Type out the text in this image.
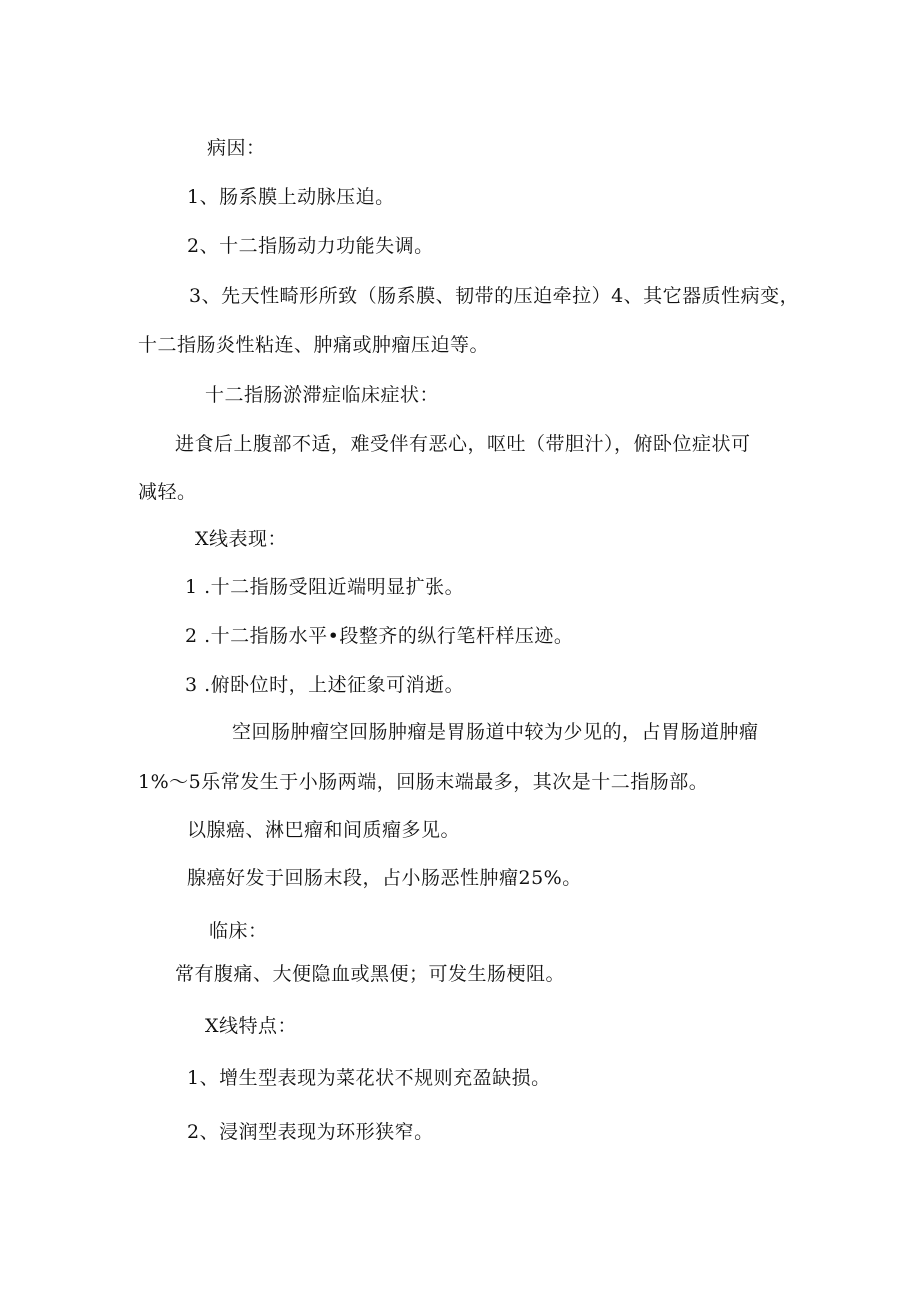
病因：
1、肠系膜上动脉压迫。
2、十二指肠动力功能失调。
3、先天性畸形所致（肠系膜、韧带的压迫牵拉）4、其它器质性病变，
十二指肠炎性粘连、肿痛或肿瘤压迫等。
十二指肠淤滞症临床症状：
进食后上腹部不适，难受伴有恶心，呕吐（带胆汁），俯卧位症状可
减轻。
X线表现：
1 .十二指肠受阻近端明显扩张。
2 .十二指肠水平•段整齐的纵行笔杆样压迹。
3 .俯卧位时，上述征象可消逝。
空回肠肿瘤空回肠肿瘤是胃肠道中较为少见的，占胃肠道肿瘤
1%〜5乐常发生于小肠两端，回肠末端最多，其次是十二指肠部。
以腺癌、淋巴瘤和间质瘤多见。
腺癌好发于回肠末段，占小肠恶性肿瘤25%。
临床：
常有腹痛、大便隐血或黑便；可发生肠梗阻。
X线特点：
1、增生型表现为菜花状不规则充盈缺损。
2、浸润型表现为环形狭窄。
